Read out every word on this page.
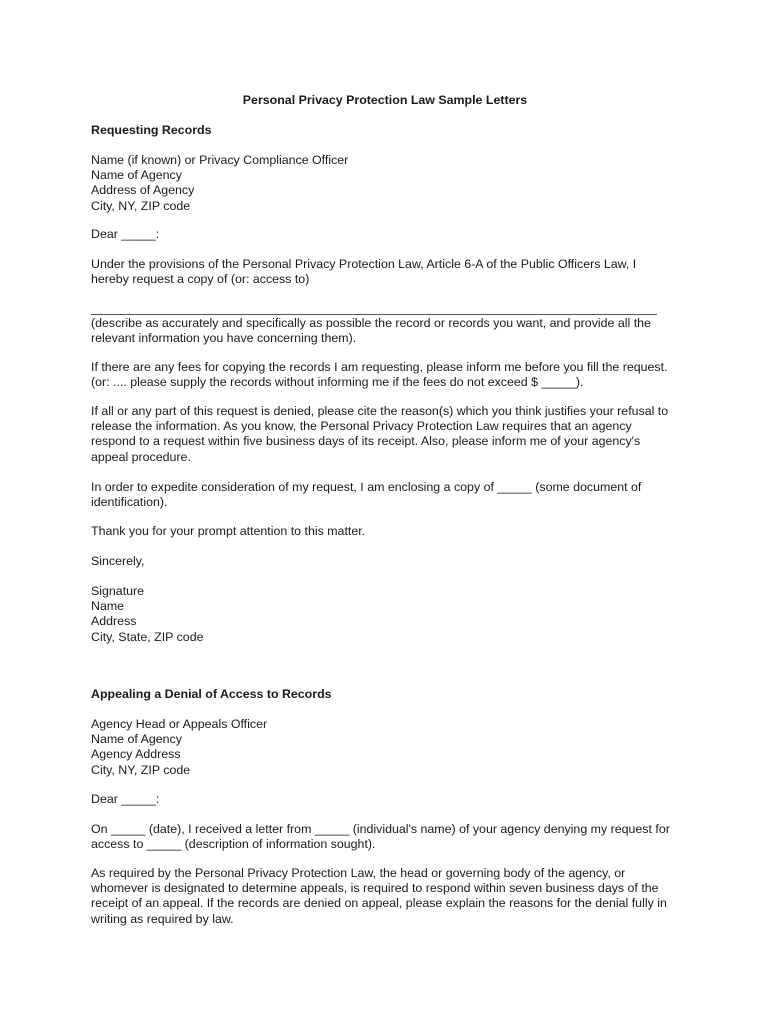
Personal Privacy Protection Law Sample Letters
Requesting Records
Name (if known) or Privacy Compliance Officer
Name of Agency
Address of Agency
City, NY, ZIP code
Dear _____:
Under the provisions of the Personal Privacy Protection Law, Article 6-A of the Public Officers Law, I
hereby request a copy of (or: access to)
(describe as accurately and specifically as possible the record or records you want, and provide all the
relevant information you have concerning them).
If there are any fees for copying the records I am requesting, please inform me before you fill the request.
(or: .... please supply the records without informing me if the fees do not exceed $ _____).
If all or any part of this request is denied, please cite the reason(s) which you think justifies your refusal to
release the information. As you know, the Personal Privacy Protection Law requires that an agency
respond to a request within five business days of its receipt. Also, please inform me of your agency's
appeal procedure.
In order to expedite consideration of my request, I am enclosing a copy of _____ (some document of
identification).
Thank you for your prompt attention to this matter.
Sincerely,
Signature
Name
Address
City, State, ZIP code
Appealing a Denial of Access to Records
Agency Head or Appeals Officer
Name of Agency
Agency Address
City, NY, ZIP code
Dear _____:
On _____ (date), I received a letter from _____ (individual's name) of your agency denying my request for
access to _____ (description of information sought).
As required by the Personal Privacy Protection Law, the head or governing body of the agency, or
whomever is designated to determine appeals, is required to respond within seven business days of the
receipt of an appeal. If the records are denied on appeal, please explain the reasons for the denial fully in
writing as required by law.
